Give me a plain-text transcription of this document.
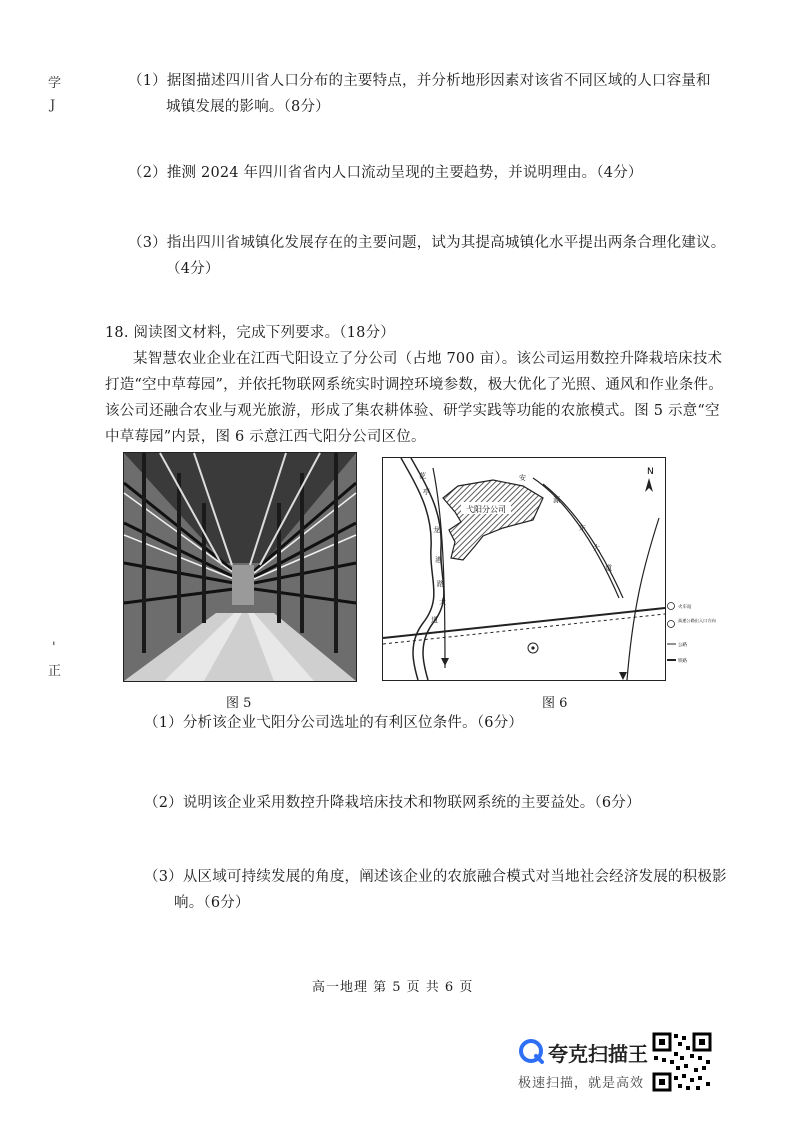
学
J
'
正
（1）据图描述四川省人口分布的主要特点，并分析地形因素对该省不同区域的人口容量和
城镇发展的影响。（8分）
（2）推测 2024 年四川省省内人口流动呈现的主要趋势，并说明理由。（4分）
（3）指出四川省城镇化发展存在的主要问题，试为其提高城镇化水平提出两条合理化建议。
（4分）
18. 阅读图文材料，完成下列要求。（18分）
某智慧农业企业在江西弋阳设立了分公司（占地 700 亩）。该公司运用数控升降栽培床技术
打造“空中草莓园”，并依托物联网系统实时调控环境参数，极大优化了光照、通风和作业条件。
该公司还融合农业与观光旅游，形成了集农耕体验、研学实践等功能的农旅模式。图 5 示意“空
中草莓园”内景，图 6 示意江西弋阳分公司区位。
图 5
弋阳分公司
N
花
亭
龙
港
路
大
道
安
源
东
大
道
火车站
高速公路出入口方向
公路
铁路
图 6
（1）分析该企业弋阳分公司选址的有利区位条件。（6分）
（2）说明该企业采用数控升降栽培床技术和物联网系统的主要益处。（6分）
（3）从区域可持续发展的角度，阐述该企业的农旅融合模式对当地社会经济发展的积极影
响。（6分）
高一地理 第 5 页 共 6 页
夸克扫描王
极速扫描，就是高效
